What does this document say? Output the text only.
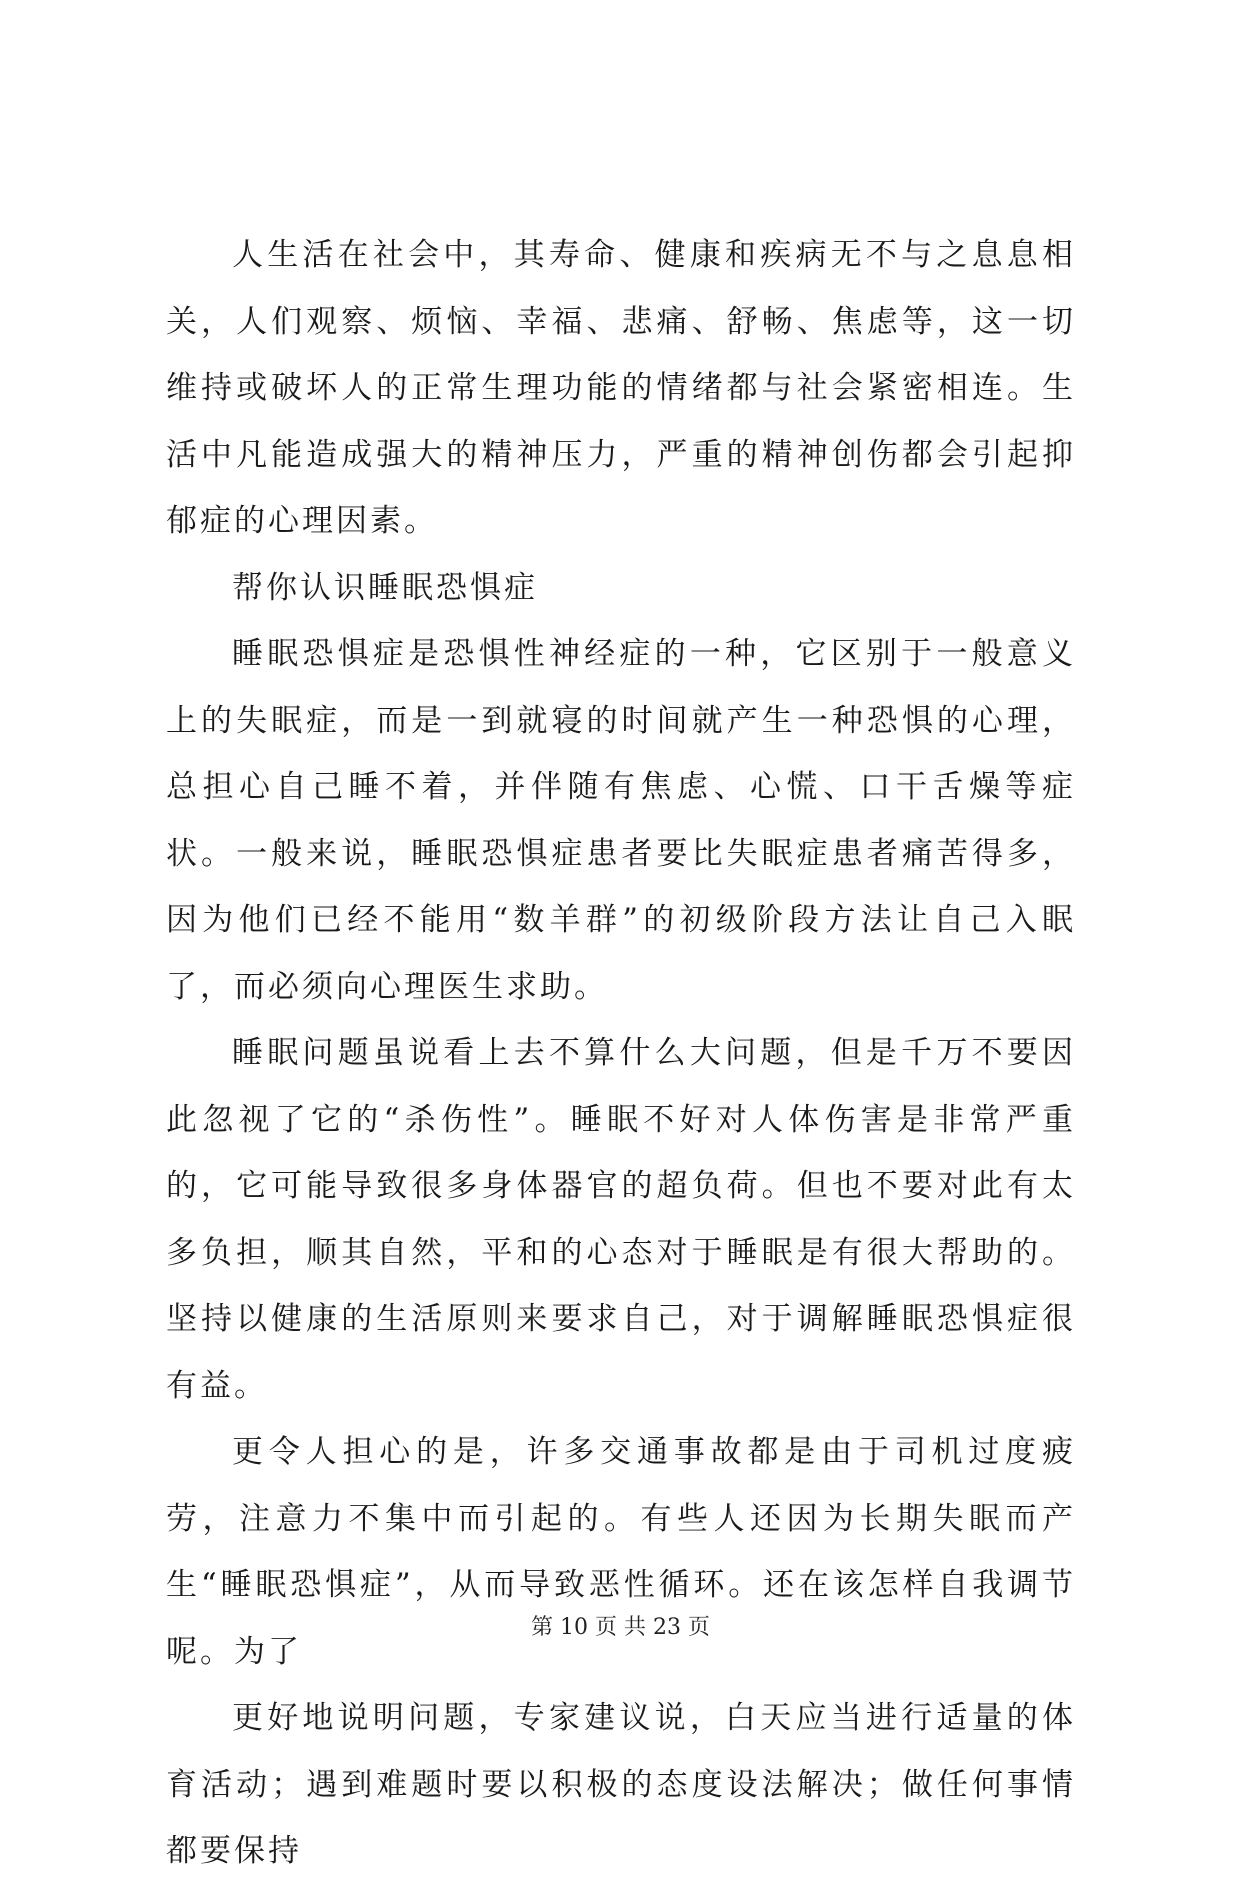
人生活在社会中，其寿命、健康和疾病无不与之息息相关，人们观察、烦恼、幸福、悲痛、舒畅、焦虑等，这一切维持或破坏人的正常生理功能的情绪都与社会紧密相连。生活中凡能造成强大的精神压力，严重的精神创伤都会引起抑郁症的心理因素。

帮你认识睡眠恐惧症

睡眠恐惧症是恐惧性神经症的一种，它区别于一般意义上的失眠症，而是一到就寝的时间就产生一种恐惧的心理，总担心自己睡不着，并伴随有焦虑、心慌、口干舌燥等症状。一般来说，睡眠恐惧症患者要比失眠症患者痛苦得多，因为他们已经不能用“数羊群”的初级阶段方法让自己入眠了，而必须向心理医生求助。

睡眠问题虽说看上去不算什么大问题，但是千万不要因此忽视了它的“杀伤性”。睡眠不好对人体伤害是非常严重的，它可能导致很多身体器官的超负荷。但也不要对此有太多负担，顺其自然，平和的心态对于睡眠是有很大帮助的。坚持以健康的生活原则来要求自己，对于调解睡眠恐惧症很有益。

更令人担心的是，许多交通事故都是由于司机过度疲劳，注意力不集中而引起的。有些人还因为长期失眠而产生“睡眠恐惧症”，从而导致恶性循环。还在该怎样自我调节呢。为了

更好地说明问题，专家建议说，白天应当进行适量的体育活动；遇到难题时要以积极的态度设法解决；做任何事情都要保持

第 10 页 共 23 页
